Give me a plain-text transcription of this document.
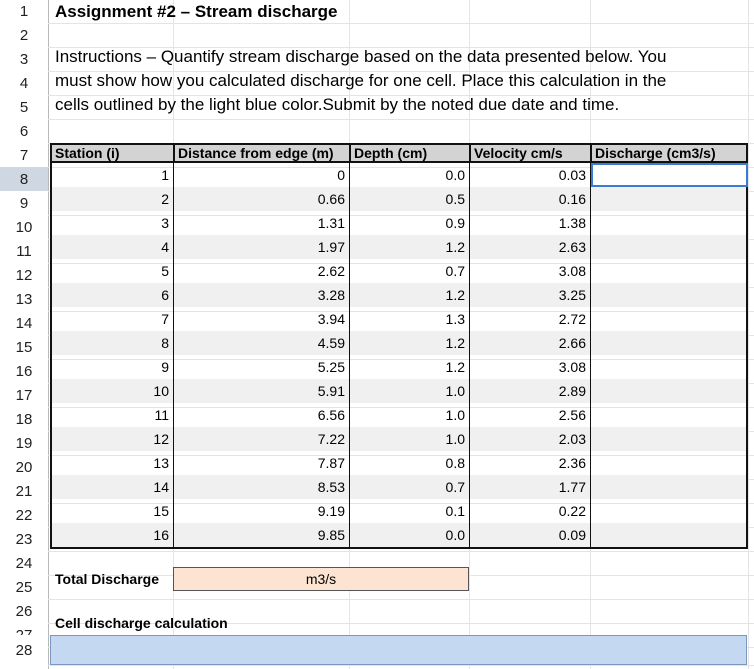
1
2
3
4
5
6
7
8
9
10
11
12
13
14
15
16
17
18
19
20
21
22
23
24
25
26
28
Assignment #2 – Stream discharge
Instructions – Quantify stream discharge based on the data presented below. You
must show how you calculated discharge for one cell. Place this calculation in the
cells outlined by the light blue color.Submit by the noted due date and time.
Station (i)	Distance from edge (m)	Depth (cm)	Velocity cm/s	Discharge (cm3/s)
1	0	0.0	0.03
2	0.66	0.5	0.16
3	1.31	0.9	1.38
4	1.97	1.2	2.63
5	2.62	0.7	3.08
6	3.28	1.2	3.25
7	3.94	1.3	2.72
8	4.59	1.2	2.66
9	5.25	1.2	3.08
10	5.91	1.0	2.89
11	6.56	1.0	2.56
12	7.22	1.0	2.03
13	7.87	0.8	2.36
14	8.53	0.7	1.77
15	9.19	0.1	0.22
16	9.85	0.0	0.09
Total Discharge	m3/s
Cell discharge calculation
